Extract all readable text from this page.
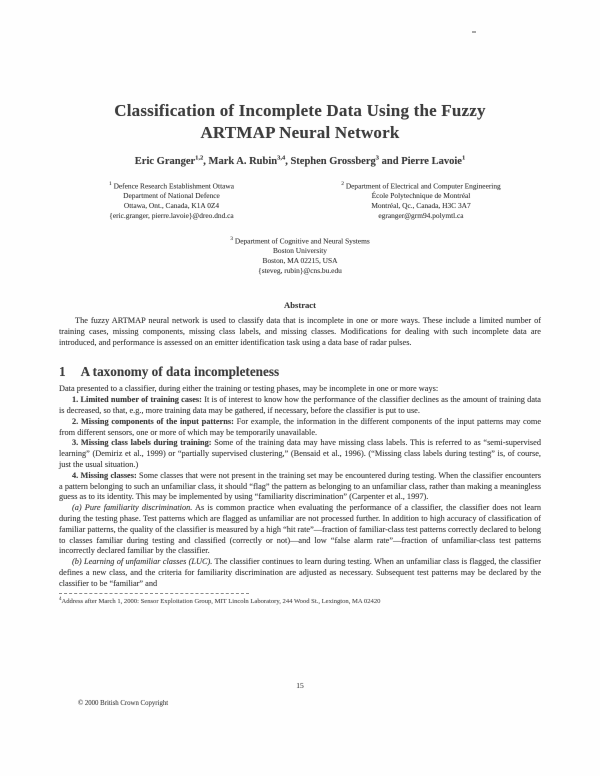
Classification of Incomplete Data Using the Fuzzy
ARTMAP Neural Network
Eric Granger$^{1,2}$, Mark A. Rubin$^{3,4}$, Stephen Grossberg$^3$ and Pierre Lavoie$^1$
$^1$ Defence Research Establishment Ottawa
Department of National Defence
Ottawa, Ont., Canada, K1A 0Z4
{eric.granger, pierre.lavoie}@dreo.dnd.ca
$^2$ Department of Electrical and Computer Engineering
École Polytechnique de Montréal
Montréal, Qc., Canada, H3C 3A7
egranger@grm94.polymtl.ca
$^3$ Department of Cognitive and Neural Systems
Boston University
Boston, MA 02215, USA
{steveg, rubin}@cns.bu.edu
Abstract
The fuzzy ARTMAP neural network is used to classify data that is incomplete in one or more ways. These include a limited number of training cases, missing components, missing class labels, and missing classes. Modifications for dealing with such incomplete data are introduced, and performance is assessed on an emitter identification task using a data base of radar pulses.
1 A taxonomy of data incompleteness
Data presented to a classifier, during either the training or testing phases, may be incomplete in one or more ways:
1. Limited number of training cases: It is of interest to know how the performance of the classifier declines as the amount of training data is decreased, so that, e.g., more training data may be gathered, if necessary, before the classifier is put to use.
2. Missing components of the input patterns: For example, the information in the different components of the input patterns may come from different sensors, one or more of which may be temporarily unavailable.
3. Missing class labels during training: Some of the training data may have missing class labels. This is referred to as “semi-supervised learning” (Demiriz et al., 1999) or “partially supervised clustering,” (Bensaid et al., 1996). (“Missing class labels during testing” is, of course, just the usual situation.)
4. Missing classes: Some classes that were not present in the training set may be encountered during testing. When the classifier encounters a pattern belonging to such an unfamiliar class, it should “flag” the pattern as belonging to an unfamiliar class, rather than making a meaningless guess as to its identity. This may be implemented by using “familiarity discrimination” (Carpenter et al., 1997).
(a) Pure familiarity discrimination. As is common practice when evaluating the performance of a classifier, the classifier does not learn during the testing phase. Test patterns which are flagged as unfamiliar are not processed further. In addition to high accuracy of classification of familiar patterns, the quality of the classifier is measured by a high “hit rate”—fraction of familiar-class test patterns correctly declared to belong to classes familiar during testing and classified (correctly or not)—and low “false alarm rate”—fraction of unfamiliar-class test patterns incorrectly declared familiar by the classifier.
(b) Learning of unfamiliar classes (LUC). The classifier continues to learn during testing. When an unfamiliar class is flagged, the classifier defines a new class, and the criteria for familiarity discrimination are adjusted as necessary. Subsequent test patterns may be declared by the classifier to be “familiar” and
$^4$Address after March 1, 2000: Sensor Exploitation Group, MIT Lincoln Laboratory, 244 Wood St., Lexington, MA 02420
15
© 2000 British Crown Copyright
